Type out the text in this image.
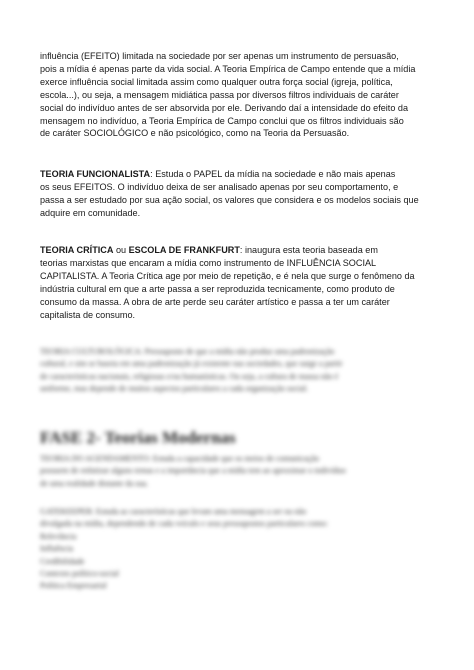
influência (EFEITO) limitada na sociedade por ser apenas um instrumento de persuasão,
pois a mídia é apenas parte da vida social. A Teoria Empírica de Campo entende que a mídia
exerce influência social limitada assim como qualquer outra força social (igreja, política,
escola...), ou seja, a mensagem midiática passa por diversos filtros individuais de caráter
social do indivíduo antes de ser absorvida por ele. Derivando daí a intensidade do efeito da
mensagem no indivíduo, a Teoria Empírica de Campo conclui que os filtros individuais são
de caráter SOCIOLÓGICO e não psicológico, como na Teoria da Persuasão.
TEORIA FUNCIONALISTA: Estuda o PAPEL da mídia na sociedade e não mais apenas
os seus EFEITOS. O indivíduo deixa de ser analisado apenas por seu comportamento, e
passa a ser estudado por sua ação social, os valores que considera e os modelos sociais que
adquire em comunidade.
TEORIA CRÍTICA ou ESCOLA DE FRANKFURT: inaugura esta teoria baseada em
teorias marxistas que encaram a mídia como instrumento de INFLUÊNCIA SOCIAL
CAPITALISTA. A Teoria Crítica age por meio de repetição, e é nela que surge o fenômeno da
indústria cultural em que a arte passa a ser reproduzida tecnicamente, como produto de
consumo da massa. A obra de arte perde seu caráter artístico e passa a ter um caráter
capitalista de consumo.
TEORIA CULTUROLÓGICA: Pressuposto de que a mídia não produz uma padronização
cultural, e sim se baseia em uma padronização já existente nas sociedades, que surge a partir
de características nacionais, religiosas e/ou humanísticas. Ou seja, a cultura de massa não é
uniforme, mas depende de muitos aspectos particulares a cada organização social.
FASE 2- Teorias Modernas
TEORIA DO AGENDAMENTO: Estuda a capacidade que os meios de comunicação
possuem de enfatizar alguns temas e a importância que a mídia tem ao aproximar o indivíduo
de uma realidade distante da sua.
GATEKEEPER: Estuda as características que levam uma mensagem a ser ou não
divulgada na mídia, dependendo de cada veículo e seus pressupostos particulares como:
Relevância
Influência
Credibilidade
Contexto político-social
Política Empresarial
